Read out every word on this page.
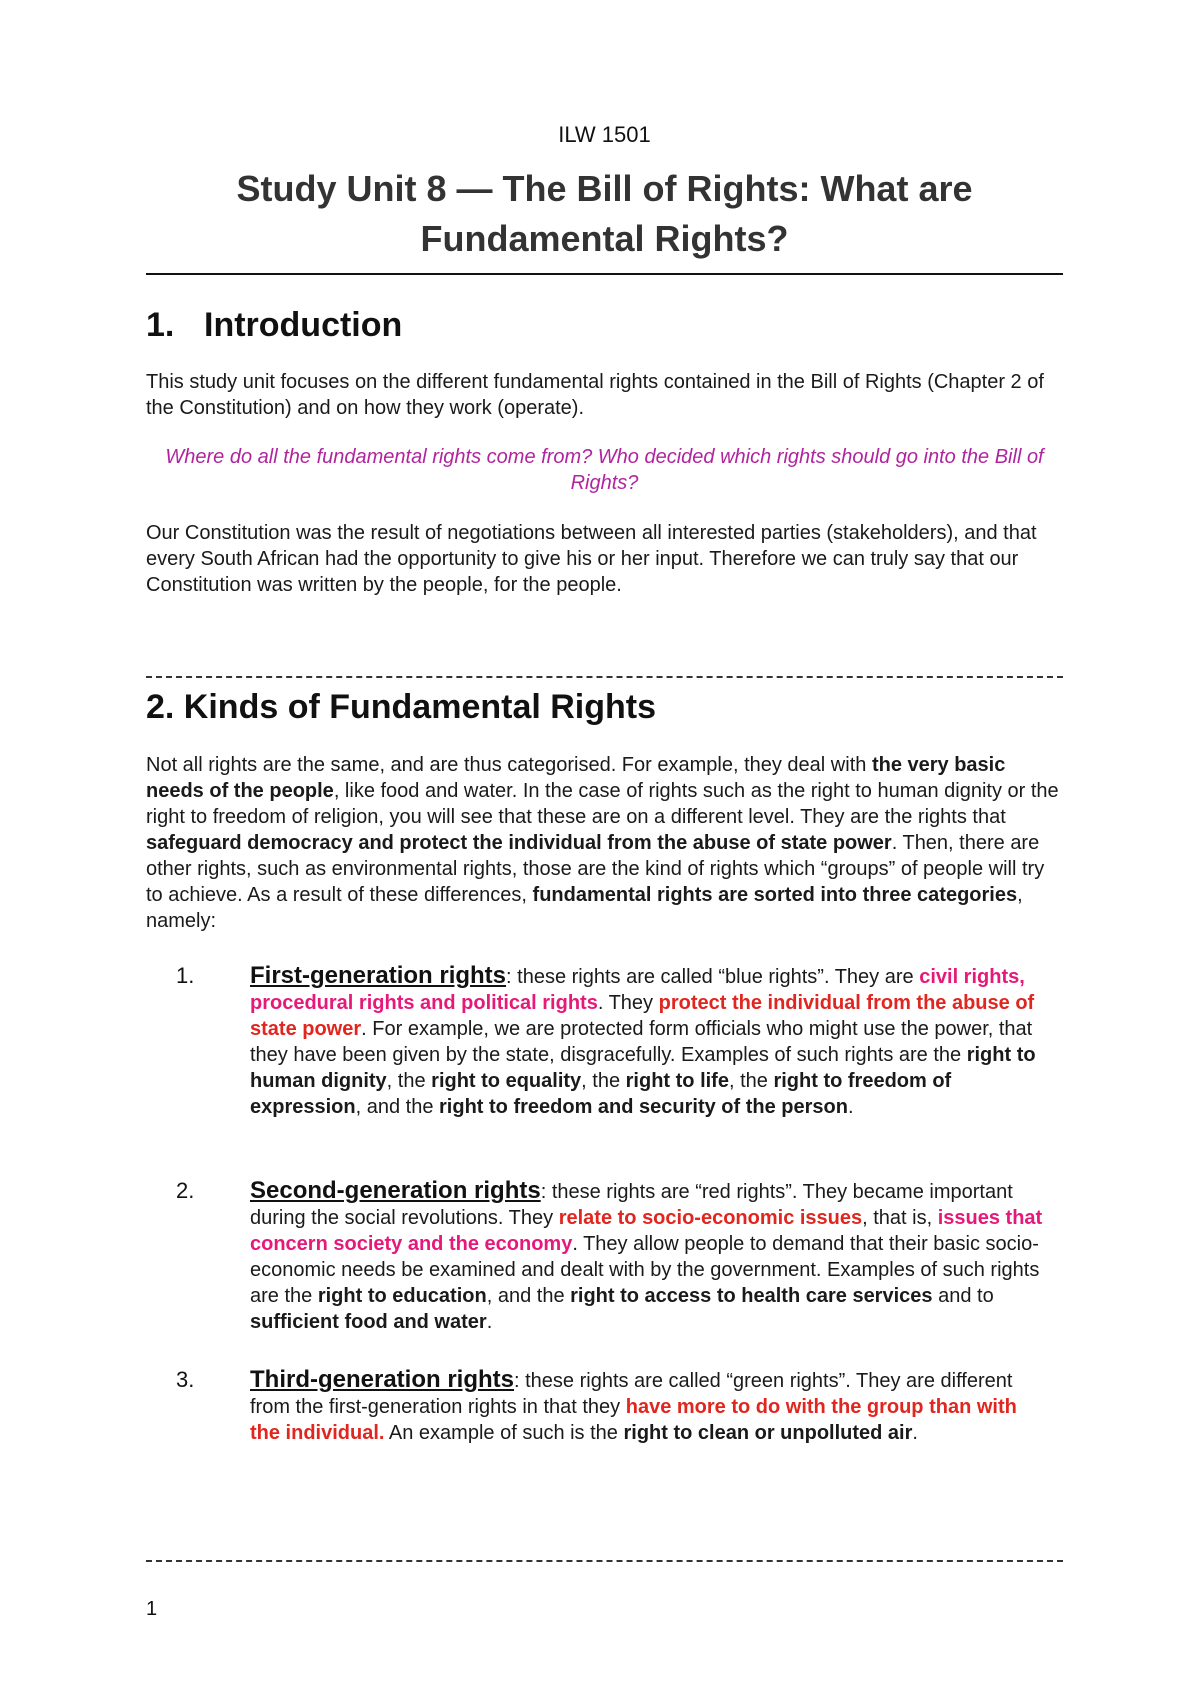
ILW 1501
Study Unit 8 — The Bill of Rights: What are Fundamental Rights?
1. Introduction
This study unit focuses on the different fundamental rights contained in the Bill of Rights (Chapter 2 of the Constitution) and on how they work (operate).
Where do all the fundamental rights come from? Who decided which rights should go into the Bill of Rights?
Our Constitution was the result of negotiations between all interested parties (stakeholders), and that every South African had the opportunity to give his or her input. Therefore we can truly say that our Constitution was written by the people, for the people.
2. Kinds of Fundamental Rights
Not all rights are the same, and are thus categorised. For example, they deal with the very basic needs of the people, like food and water. In the case of rights such as the right to human dignity or the right to freedom of religion, you will see that these are on a different level. They are the rights that safeguard democracy and protect the individual from the abuse of state power. Then, there are other rights, such as environmental rights, those are the kind of rights which “groups” of people will try to achieve. As a result of these differences, fundamental rights are sorted into three categories, namely:
1. First-generation rights: these rights are called “blue rights”. They are civil rights, procedural rights and political rights. They protect the individual from the abuse of state power. For example, we are protected form officials who might use the power, that they have been given by the state, disgracefully. Examples of such rights are the right to human dignity, the right to equality, the right to life, the right to freedom of expression, and the right to freedom and security of the person.
2. Second-generation rights: these rights are “red rights”. They became important during the social revolutions. They relate to socio-economic issues, that is, issues that concern society and the economy. They allow people to demand that their basic socio-economic needs be examined and dealt with by the government. Examples of such rights are the right to education, and the right to access to health care services and to sufficient food and water.
3. Third-generation rights: these rights are called “green rights”. They are different from the first-generation rights in that they have more to do with the group than with the individual. An example of such is the right to clean or unpolluted air.
1
